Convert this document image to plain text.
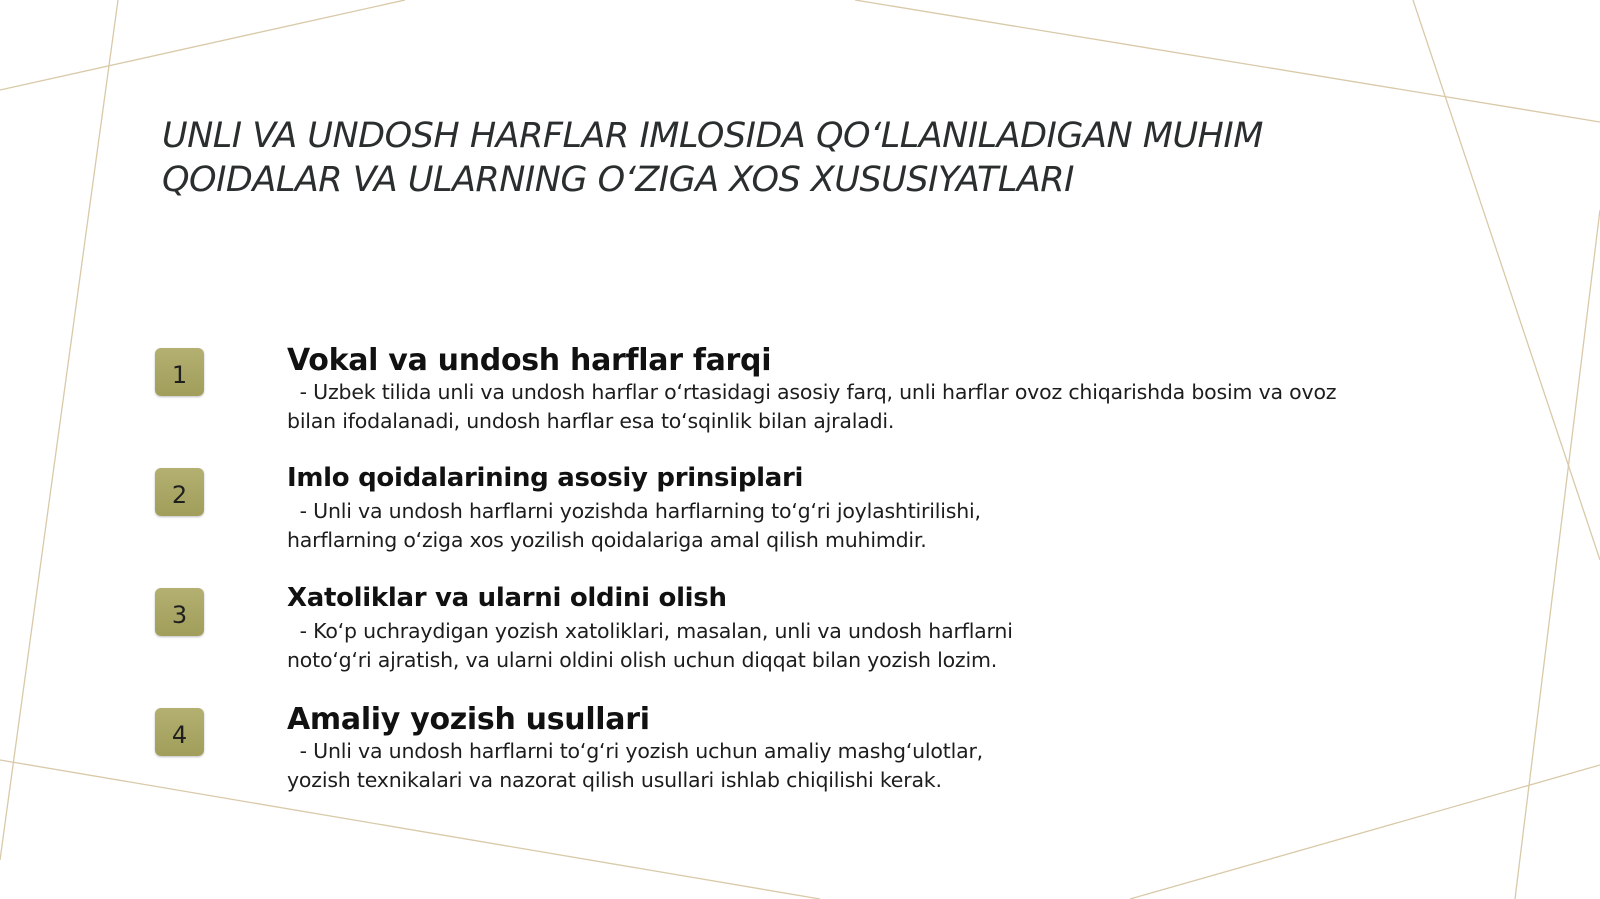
UNLI VA UNDOSH HARFLAR IMLOSIDA QO‘LLANILADIGAN MUHIM
QOIDALAR VA ULARNING O‘ZIGA XOS XUSUSIYATLARI
1	Vokal va undosh harflar farqi
- Uzbek tilida unli va undosh harflar o‘rtasidagi asosiy farq, unli harflar ovoz chiqarishda bosim va ovoz
bilan ifodalanadi, undosh harflar esa to‘sqinlik bilan ajraladi.
2
Imlo qoidalarining asosiy prinsiplari
- Unli va undosh harflarni yozishda harflarning to‘g‘ri joylashtirilishi,
harflarning o‘ziga xos yozilish qoidalariga amal qilish muhimdir.
3
Xatoliklar va ularni oldini olish
- Ko‘p uchraydigan yozish xatoliklari, masalan, unli va undosh harflarni
noto‘g‘ri ajratish, va ularni oldini olish uchun diqqat bilan yozish lozim.
4	Amaliy yozish usullari
- Unli va undosh harflarni to‘g‘ri yozish uchun amaliy mashg‘ulotlar,
yozish texnikalari va nazorat qilish usullari ishlab chiqilishi kerak.
